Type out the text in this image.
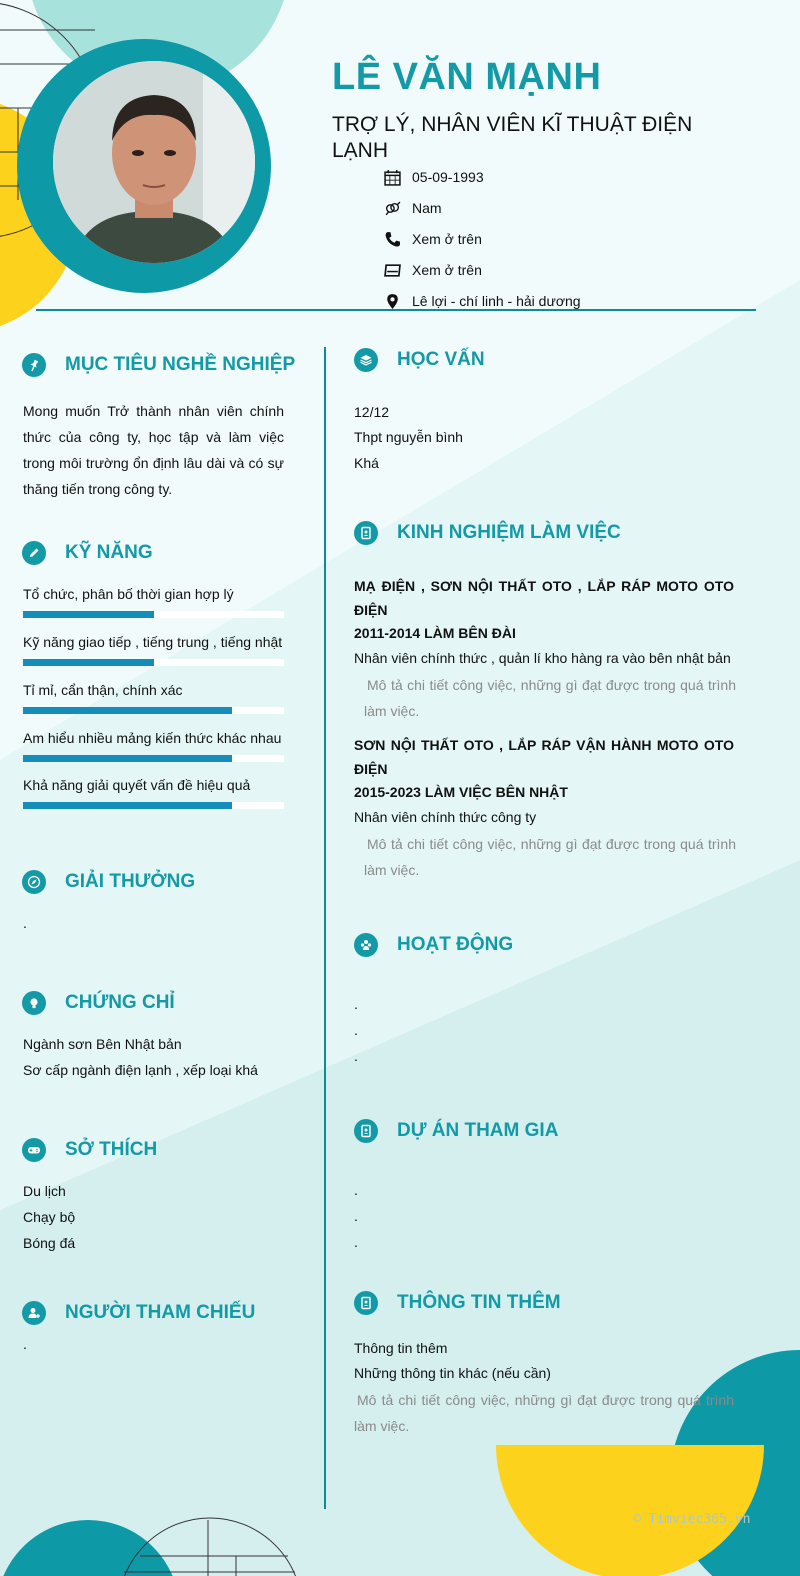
LÊ VĂN MẠNH
TRỢ LÝ, NHÂN VIÊN KĨ THUẬT ĐIỆN LẠNH
05-09-1993
Nam
Xem ở trên
Xem ở trên
Lê lợi - chí linh - hải dương
MỤC TIÊU NGHỀ NGHIỆP
Mong muốn Trở thành nhân viên chính thức của công ty, học tập và làm việc trong môi trường ổn định lâu dài và có sự thăng tiến trong công ty.
KỸ NĂNG
Tổ chức, phân bố thời gian hợp lý
Kỹ năng giao tiếp , tiếng trung , tiếng nhật
Tỉ mỉ, cẩn thận, chính xác
Am hiểu nhiều mảng kiến thức khác nhau
Khả năng giải quyết vấn đề hiệu quả
GIẢI THƯỞNG
.
CHỨNG CHỈ
Ngành sơn Bên Nhật bản
Sơ cấp ngành điện lạnh , xếp loại khá
SỞ THÍCH
Du lịch
Chạy bộ
Bóng đá
NGƯỜI THAM CHIẾU
.
HỌC VẤN
12/12
Thpt nguyễn bình
Khá
KINH NGHIỆM LÀM VIỆC
MẠ ĐIỆN , SƠN NỘI THẤT OTO , LẮP RÁP MOTO OTO ĐIỆN
2011-2014 LÀM BÊN ĐÀI
Nhân viên chính thức , quản lí kho hàng ra vào bên nhật bản
Mô tả chi tiết công việc, những gì đạt được trong quá trình làm việc.
SƠN NỘI THẤT OTO , LẮP RÁP VẬN HÀNH MOTO OTO ĐIỆN
2015-2023 LÀM VIỆC BÊN NHẬT
Nhân viên chính thức công ty
Mô tả chi tiết công việc, những gì đạt được trong quá trình làm việc.
HOẠT ĐỘNG
.
.
.
DỰ ÁN THAM GIA
.
.
.
THÔNG TIN THÊM
Thông tin thêm
Những thông tin khác (nếu cần)
Mô tả chi tiết công việc, những gì đạt được trong quá trình làm việc.
© Timviec365.vn
